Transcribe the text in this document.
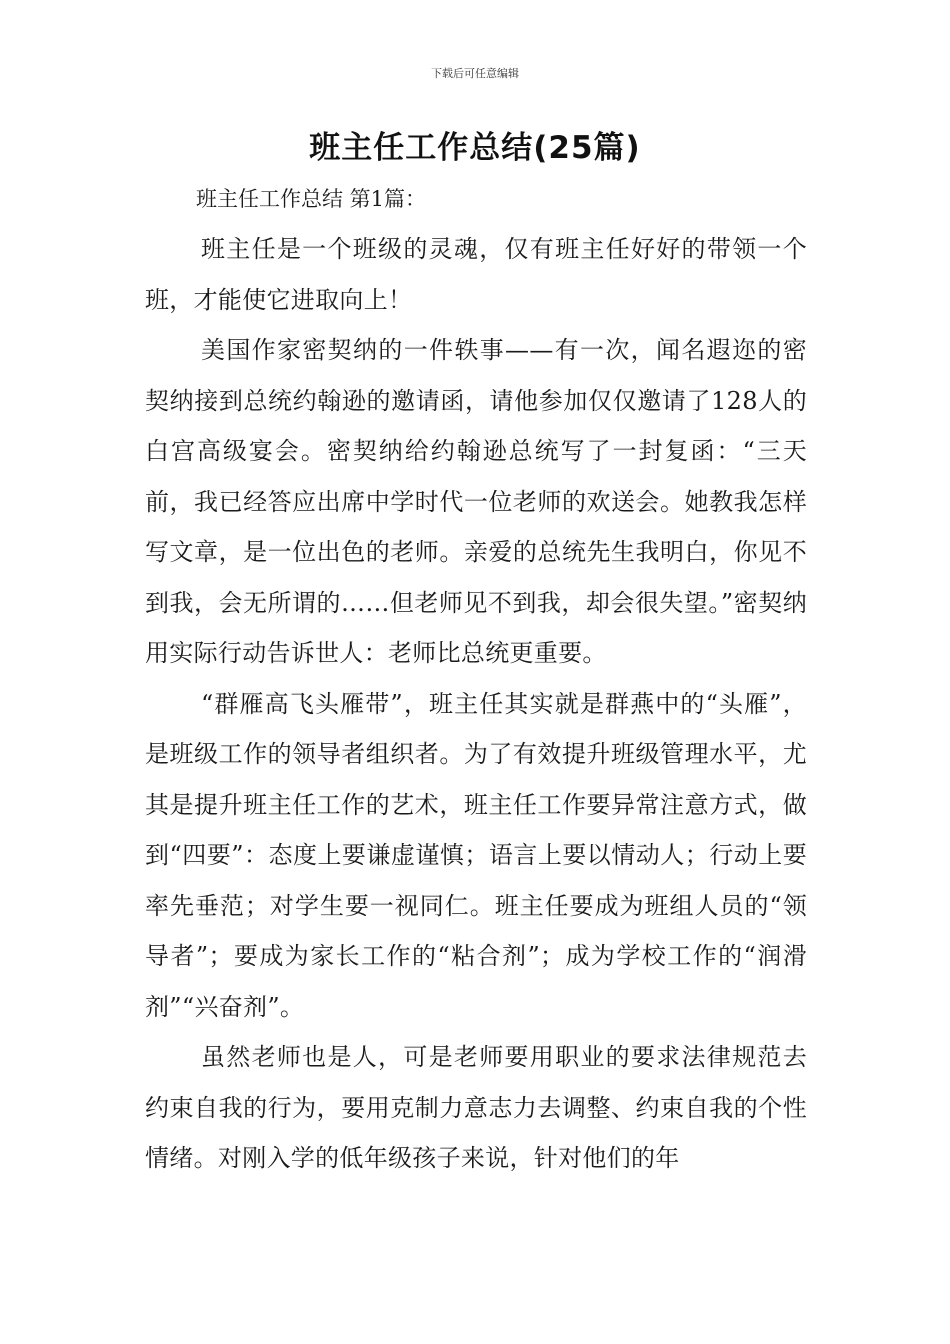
下载后可任意编辑
班主任工作总结(25篇)
班主任工作总结 第1篇：

班主任是一个班级的灵魂，仅有班主任好好的带领一个班，才能使它进取向上！

美国作家密契纳的一件轶事——有一次，闻名遐迩的密契纳接到总统约翰逊的邀请函，请他参加仅仅邀请了128人的白宫高级宴会。密契纳给约翰逊总统写了一封复函：“三天前，我已经答应出席中学时代一位老师的欢送会。她教我怎样写文章，是一位出色的老师。亲爱的总统先生我明白，你见不到我，会无所谓的……但老师见不到我，却会很失望。”密契纳用实际行动告诉世人：老师比总统更重要。

“群雁高飞头雁带”，班主任其实就是群燕中的“头雁”，是班级工作的领导者组织者。为了有效提升班级管理水平，尤其是提升班主任工作的艺术，班主任工作要异常注意方式，做到“四要”：态度上要谦虚谨慎；语言上要以情动人；行动上要率先垂范；对学生要一视同仁。班主任要成为班组人员的“领导者”；要成为家长工作的“粘合剂”；成为学校工作的“润滑剂”“兴奋剂”。

虽然老师也是人，可是老师要用职业的要求法律规范去约束自我的行为，要用克制力意志力去调整、约束自我的个性情绪。对刚入学的低年级孩子来说，针对他们的年
